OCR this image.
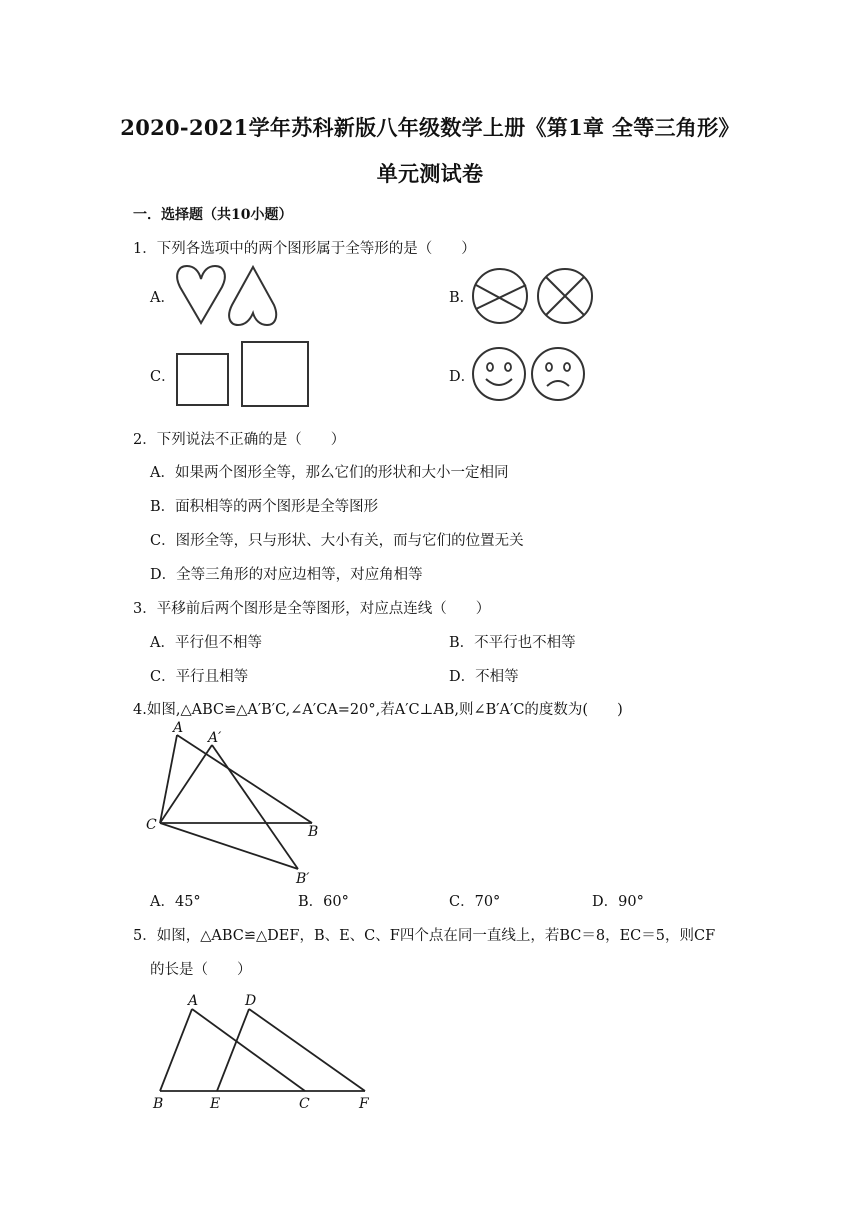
2020-2021学年苏科新版八年级数学上册《第1章 全等三角形》
单元测试卷
一．选择题（共10小题）
1．下列各选项中的两个图形属于全等形的是（　　）
A．	B．
C．	D．
2．下列说法不正确的是（　　）
A．如果两个图形全等，那么它们的形状和大小一定相同
B．面积相等的两个图形是全等图形
C．图形全等，只与形状、大小有关，而与它们的位置无关
D．全等三角形的对应边相等，对应角相等
3．平移前后两个图形是全等图形，对应点连线（　　）
A．平行但不相等	B．不平行也不相等
C．平行且相等	D．不相等
4.如图,△ABC≌△A′B′C,∠A′CA=20°,若A′C⊥AB,则∠B′A′C的度数为(　　)
A
A′
C	B
B′
A．45°	B．60°	C．70°	D．90°
5．如图，△ABC≌△DEF，B、E、C、F四个点在同一直线上，若BC＝8，EC＝5，则CF
的长是（　　）
A	D
B	E	C	F
